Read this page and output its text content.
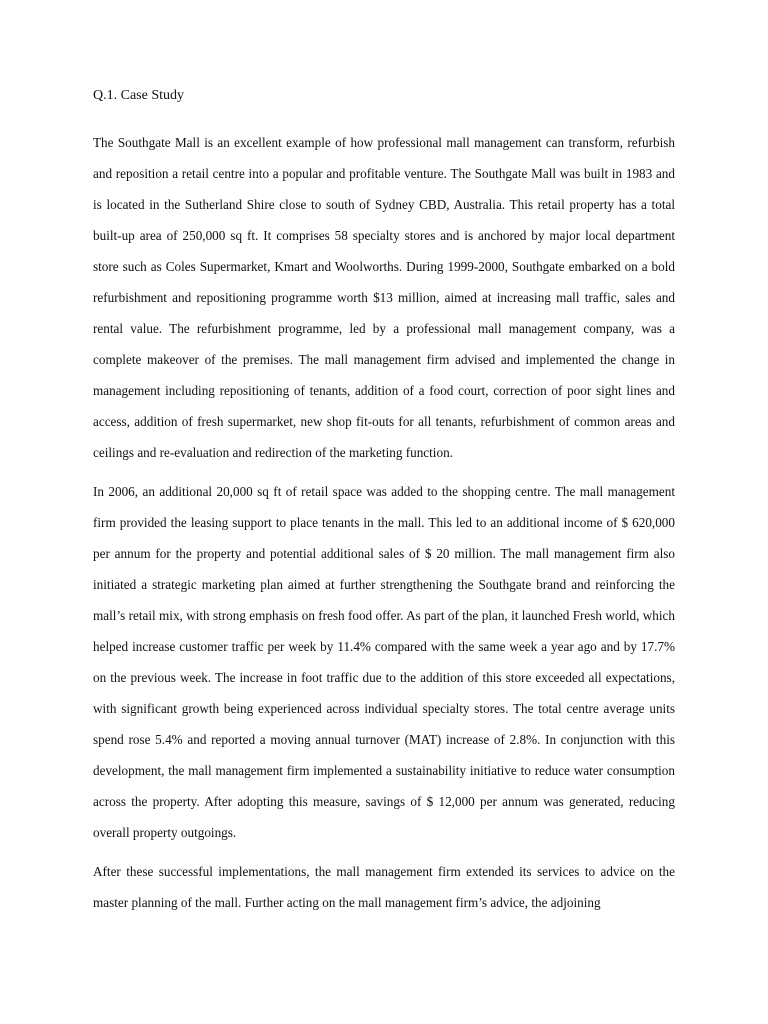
Q.1. Case Study

The Southgate Mall is an excellent example of how professional mall management can transform, refurbish and reposition a retail centre into a popular and profitable venture. The Southgate Mall was built in 1983 and is located in the Sutherland Shire close to south of Sydney CBD, Australia. This retail property has a total built-up area of 250,000 sq ft. It comprises 58 specialty stores and is anchored by major local department store such as Coles Supermarket, Kmart and Woolworths. During 1999-2000, Southgate embarked on a bold refurbishment and repositioning programme worth $13 million, aimed at increasing mall traffic, sales and rental value. The refurbishment programme, led by a professional mall management company, was a complete makeover of the premises. The mall management firm advised and implemented the change in management including repositioning of tenants, addition of a food court, correction of poor sight lines and access, addition of fresh supermarket, new shop fit-outs for all tenants, refurbishment of common areas and ceilings and re-evaluation and redirection of the marketing function.

In 2006, an additional 20,000 sq ft of retail space was added to the shopping centre. The mall management firm provided the leasing support to place tenants in the mall. This led to an additional income of $ 620,000 per annum for the property and potential additional sales of $ 20 million. The mall management firm also initiated a strategic marketing plan aimed at further strengthening the Southgate brand and reinforcing the mall’s retail mix, with strong emphasis on fresh food offer. As part of the plan, it launched Fresh world, which helped increase customer traffic per week by 11.4% compared with the same week a year ago and by 17.7% on the previous week. The increase in foot traffic due to the addition of this store exceeded all expectations, with significant growth being experienced across individual specialty stores. The total centre average units spend rose 5.4% and reported a moving annual turnover (MAT) increase of 2.8%. In conjunction with this development, the mall management firm implemented a sustainability initiative to reduce water consumption across the property. After adopting this measure, savings of $ 12,000 per annum was generated, reducing overall property outgoings.

After these successful implementations, the mall management firm extended its services to advice on the master planning of the mall. Further acting on the mall management firm’s advice, the adjoining
